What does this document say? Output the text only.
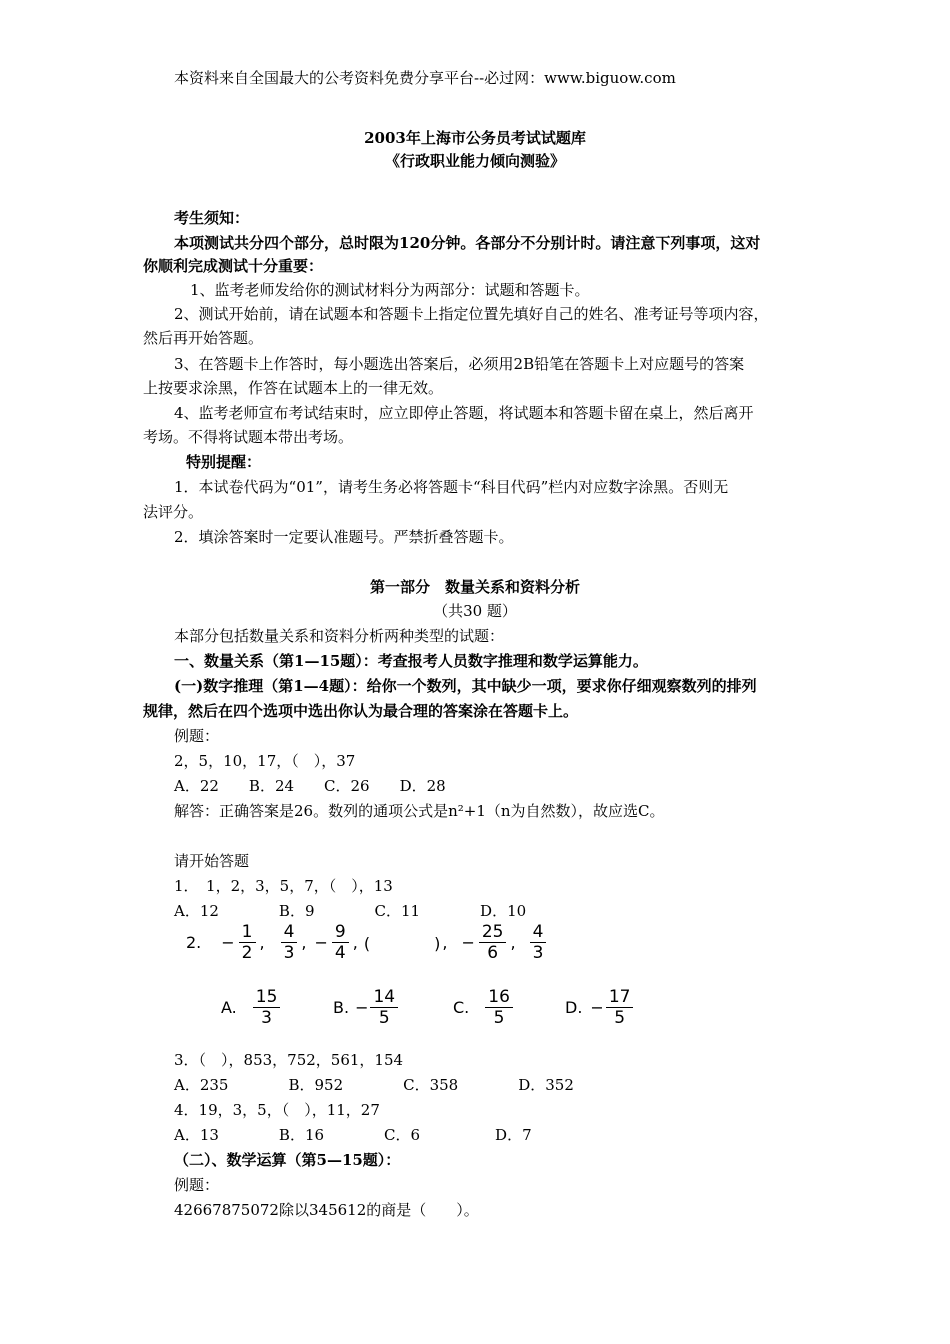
本资料来自全国最大的公考资料免费分享平台--必过网：www.biguow.com
2003年上海市公务员考试试题库
《行政职业能力倾向测验》
考生须知：
本项测试共分四个部分，总时限为120分钟。各部分不分别计时。请注意下列事项，这对
你顺利完成测试十分重要：
1、监考老师发给你的测试材料分为两部分：试题和答题卡。
2、测试开始前，请在试题本和答题卡上指定位置先填好自己的姓名、准考证号等项内容，
然后再开始答题。
3、在答题卡上作答时，每小题选出答案后，必须用2B铅笔在答题卡上对应题号的答案
上按要求涂黑，作答在试题本上的一律无效。
4、监考老师宣布考试结束时，应立即停止答题，将试题本和答题卡留在桌上，然后离开
考场。不得将试题本带出考场。
特别提醒：
1．本试卷代码为“01”，请考生务必将答题卡“科目代码”栏内对应数字涂黑。否则无
法评分。
2．填涂答案时一定要认准题号。严禁折叠答题卡。
第一部分　数量关系和资料分析
（共30 题）
本部分包括数量关系和资料分析两种类型的试题：
一、数量关系（第1—15题）：考查报考人员数字推理和数学运算能力。
(一)数字推理（第1—4题）：给你一个数列，其中缺少一项，要求你仔细观察数列的排列
规律，然后在四个选项中选出你认为最合理的答案涂在答题卡上。
例题：
2，5，10，17，（　），37
A．22　　B．24　　C．26　　D．28
解答：正确答案是26。数列的通项公式是n²+1（n为自然数），故应选C。
请开始答题
1．　1，2，3，5，7，（　），13
A．12　　　　B．9　　　　C．11　　　　D．10
2. − $\frac{1}{2}$ , $\frac{4}{3}$ , − $\frac{9}{4}$ , (　　　　) , − $\frac{25}{6}$ , $\frac{4}{3}$
A. $\frac{15}{3}$	B. − $\frac{14}{5}$	C. $\frac{16}{5}$	D. − $\frac{17}{5}$
3．（　），853，752，561，154
A．235　　　　B．952　　　　C．358　　　　D．352
4．19，3，5，（　），11，27
A．13　　　　B．16　　　　C．6　　　　　D．7
（二）、数学运算（第5—15题）：
例题：
42667875072除以345612的商是（　　）。
